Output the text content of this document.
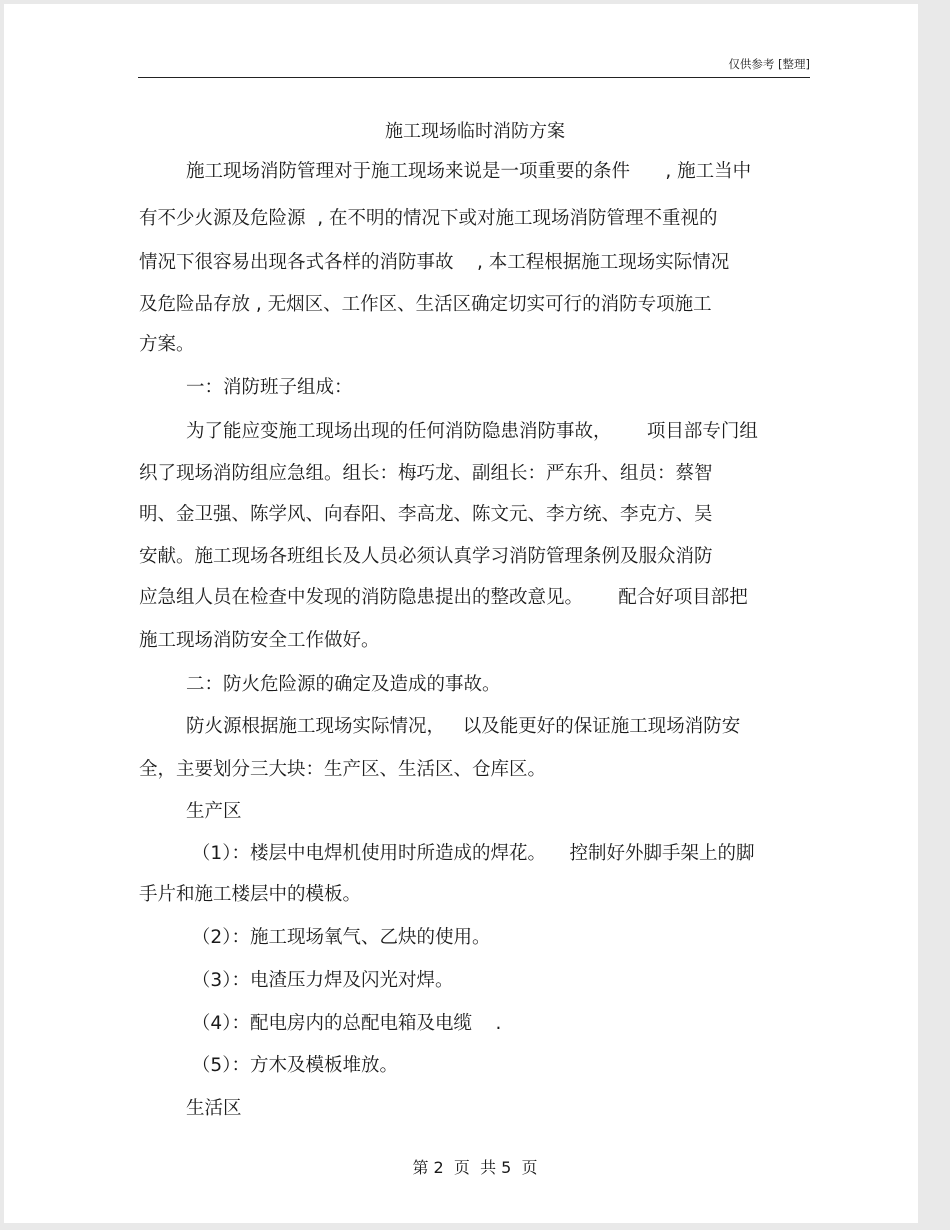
仅供参考 [整理]
施工现场临时消防方案
施工现场消防管理对于施工现场来说是一项重要的条件      , 施工当中
有不少火源及危险源  , 在不明的情况下或对施工现场消防管理不重视的
情况下很容易出现各式各样的消防事故    , 本工程根据施工现场实际情况
及危险品存放 , 无烟区、工作区、生活区确定切实可行的消防专项施工
方案。
一：消防班子组成：
为了能应变施工现场出现的任何消防隐患消防事故，      项目部专门组
织了现场消防组应急组。组长：梅巧龙、副组长：严东升、组员：蔡智
明、金卫强、陈学风、向春阳、李高龙、陈文元、李方统、李克方、吴
安献。施工现场各班组长及人员必须认真学习消防管理条例及服众消防
应急组人员在检查中发现的消防隐患提出的整改意见。      配合好项目部把
施工现场消防安全工作做好。
二：防火危险源的确定及造成的事故。
防火源根据施工现场实际情况，   以及能更好的保证施工现场消防安
全，主要划分三大块：生产区、生活区、仓库区。
生产区
（1）：楼层中电焊机使用时所造成的焊花。    控制好外脚手架上的脚
手片和施工楼层中的模板。
（2）：施工现场氧气、乙炔的使用。
（3）：电渣压力焊及闪光对焊。
（4）：配电房内的总配电箱及电缆    .
（5）：方木及模板堆放。
生活区
第 2  页  共 5  页
